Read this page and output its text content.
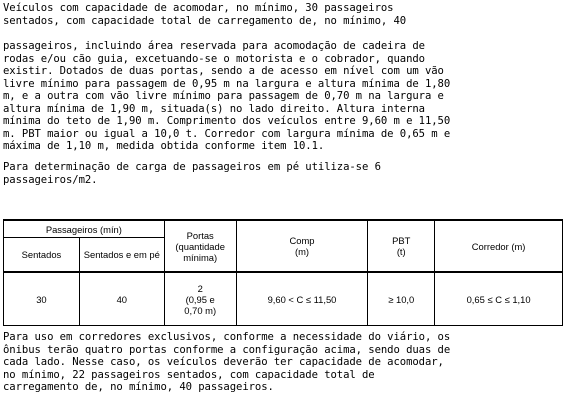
Veículos com capacidade de acomodar, no mínimo, 30 passageiros
sentados, com capacidade total de carregamento de, no mínimo, 40
passageiros, incluindo área reservada para acomodação de cadeira de
rodas e/ou cão guia, excetuando-se o motorista e o cobrador, quando
existir. Dotados de duas portas, sendo a de acesso em nível com um vão
livre mínimo para passagem de 0,95 m na largura e altura mínima de 1,80
m, e a outra com vão livre mínimo para passagem de 0,70 m na largura e
altura mínima de 1,90 m, situada(s) no lado direito. Altura interna
mínima do teto de 1,90 m. Comprimento dos veículos entre 9,60 m e 11,50
m. PBT maior ou igual a 10,0 t. Corredor com largura mínima de 0,65 m e
máxima de 1,10 m, medida obtida conforme item 10.1.
Para determinação de carga de passageiros em pé utiliza-se 6
passageiros/m2.
Passageiros (mín)		Portas (quantidade mínima)	Comp (m)	PBT (t)	Corredor (m)

Sentados	Sentados e em pé				
30	40	2
(0,95 e
0,70 m)	9,60 < C ≤ 11,50	≥ 10,0	0,65 ≤ C ≤ 1,10
Para uso em corredores exclusivos, conforme a necessidade do viário, os
ônibus terão quatro portas conforme a configuração acima, sendo duas de
cada lado. Nesse caso, os veículos deverão ter capacidade de acomodar,
no mínimo, 22 passageiros sentados, com capacidade total de
carregamento de, no mínimo, 40 passageiros.
